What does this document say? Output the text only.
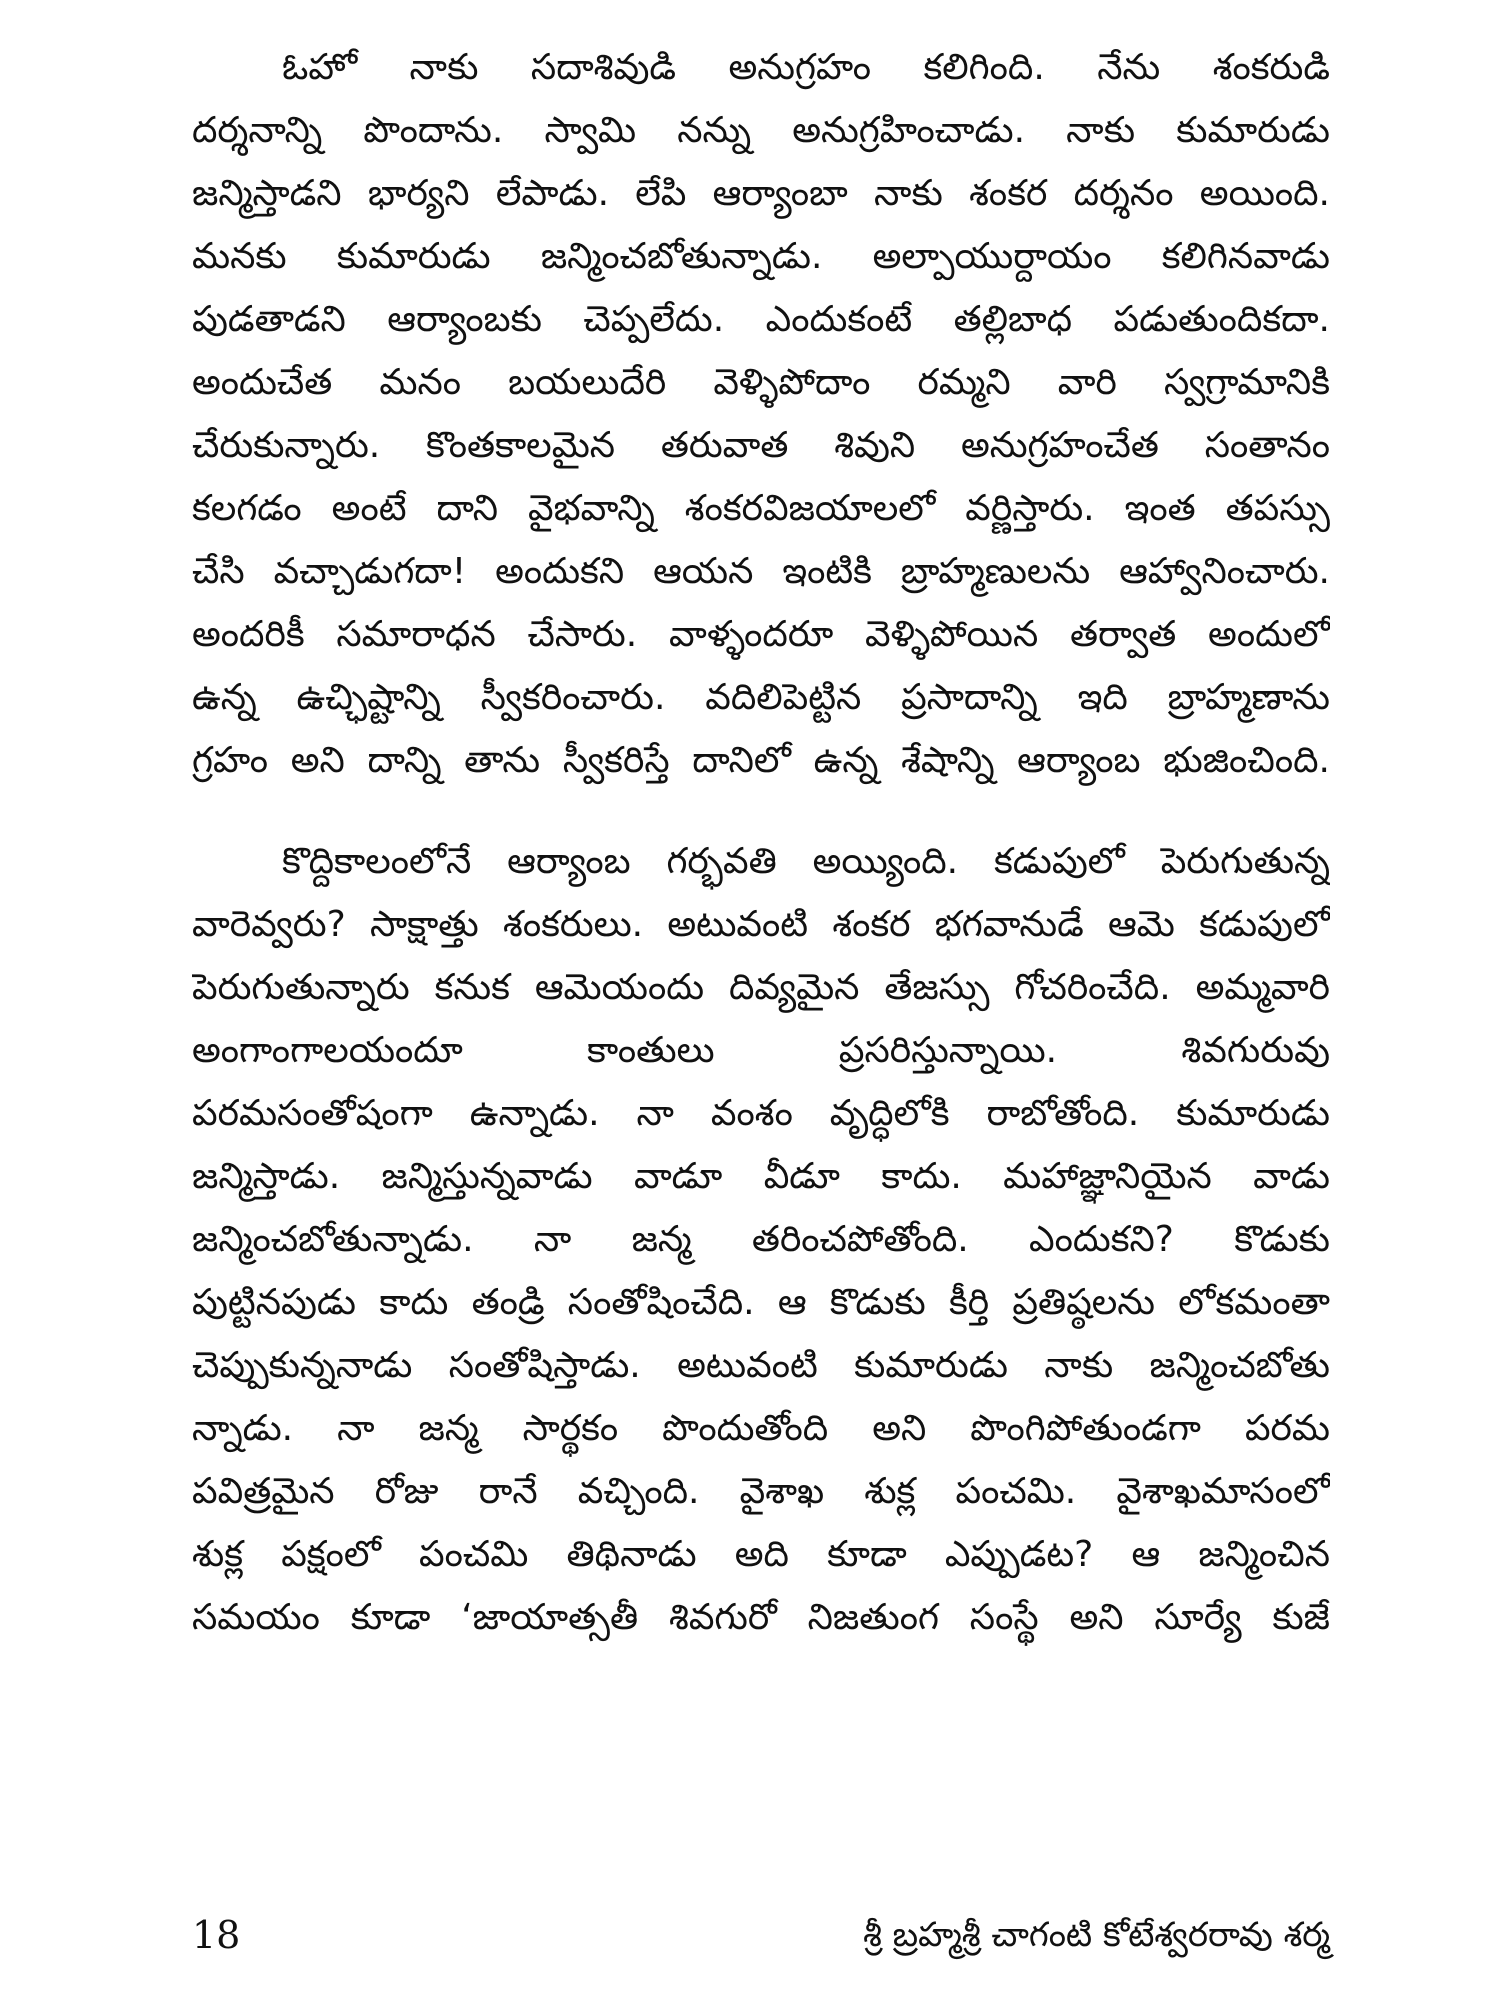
ఓహో నాకు సదాశివుడి అనుగ్రహం కలిగింది. నేను శంకరుడి
దర్శనాన్ని పొందాను. స్వామి నన్ను అనుగ్రహించాడు. నాకు కుమారుడు
జన్మిస్తాడని భార్యని లేపాడు. లేపి ఆర్యాంబా నాకు శంకర దర్శనం అయింది.
మనకు కుమారుడు జన్మించబోతున్నాడు. అల్పాయుర్దాయం కలిగినవాడు
పుడతాడని ఆర్యాంబకు చెప్పలేదు. ఎందుకంటే తల్లిబాధ పడుతుందికదా.
అందుచేత మనం బయలుదేరి వెళ్ళిపోదాం రమ్మని వారి స్వగ్రామానికి
చేరుకున్నారు. కొంతకాలమైన తరువాత శివుని అనుగ్రహంచేత సంతానం
కలగడం అంటే దాని వైభవాన్ని శంకరవిజయాలలో వర్ణిస్తారు. ఇంత తపస్సు
చేసి వచ్చాడుగదా! అందుకని ఆయన ఇంటికి బ్రాహ్మణులను ఆహ్వానించారు.
అందరికీ సమారాధన చేసారు. వాళ్ళందరూ వెళ్ళిపోయిన తర్వాత అందులో
ఉన్న ఉచ్ఛిష్టాన్ని స్వీకరించారు. వదిలిపెట్టిన ప్రసాదాన్ని ఇది బ్రాహ్మణాను
గ్రహం అని దాన్ని తాను స్వీకరిస్తే దానిలో ఉన్న శేషాన్ని ఆర్యాంబ భుజించింది.
కొద్దికాలంలోనే ఆర్యాంబ గర్భవతి అయ్యింది. కడుపులో పెరుగుతున్న
వారెవ్వరు? సాక్షాత్తు శంకరులు. అటువంటి శంకర భగవానుడే ఆమె కడుపులో
పెరుగుతున్నారు కనుక ఆమెయందు దివ్యమైన తేజస్సు గోచరించేది. అమ్మవారి
అంగాంగాలయందూ కాంతులు ప్రసరిస్తున్నాయి. శివగురువు
పరమసంతోషంగా ఉన్నాడు. నా వంశం వృద్ధిలోకి రాబోతోంది. కుమారుడు
జన్మిస్తాడు. జన్మిస్తున్నవాడు వాడూ వీడూ కాదు. మహాజ్ఞానియైన వాడు
జన్మించబోతున్నాడు. నా జన్మ తరించపోతోంది. ఎందుకని? కొడుకు
పుట్టినపుడు కాదు తండ్రి సంతోషించేది. ఆ కొడుకు కీర్తి ప్రతిష్ఠలను లోకమంతా
చెప్పుకున్ననాడు సంతోషిస్తాడు. అటువంటి కుమారుడు నాకు జన్మించబోతు
న్నాడు. నా జన్మ సార్థకం పొందుతోంది అని పొంగిపోతుండగా పరమ
పవిత్రమైన రోజు రానే వచ్చింది. వైశాఖ శుక్ల పంచమి. వైశాఖమాసంలో
శుక్ల పక్షంలో పంచమి తిథినాడు అది కూడా ఎప్పుడట? ఆ జన్మించిన
సమయం కూడా ‘జాయాత్సతీ శివగురో నిజతుంగ సంస్థే అని సూర్యే కుజే
18	శ్రీ బ్రహ్మశ్రీ చాగంటి కోటేశ్వరరావు శర్మ
